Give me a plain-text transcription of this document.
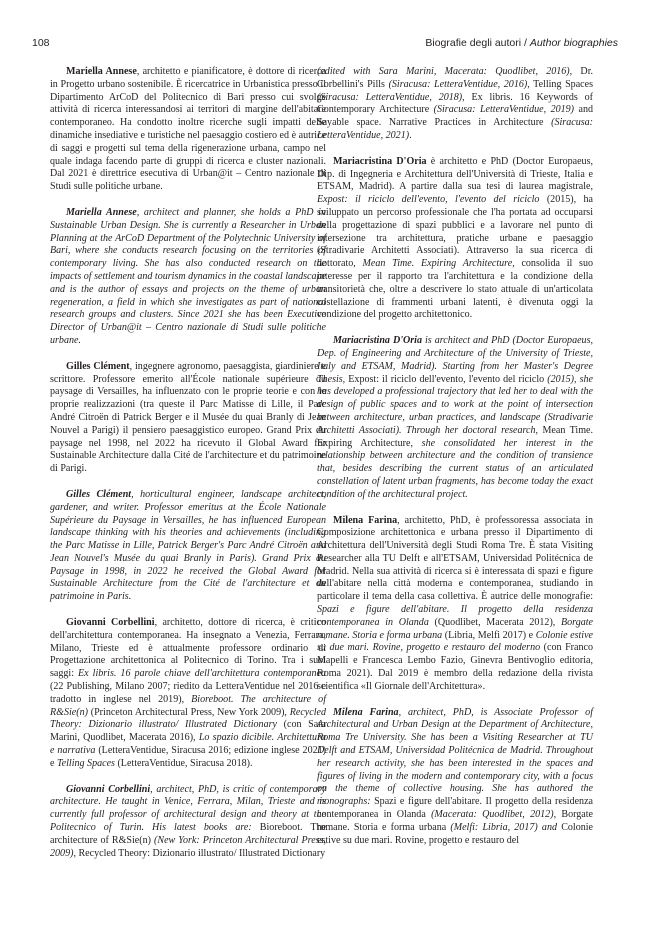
108	Biografie degli autori / Author biographies

Mariella Annese, architetto e pianificatore, è dottore di ricerca in Progetto urbano sostenibile. È ricercatrice in Urbanistica presso il Dipartimento ArCoD del Politecnico di Bari presso cui svolge attività di ricerca interessandosi ai territori di margine dell'abitare contemporaneo. Ha condotto inoltre ricerche sugli impatti delle dinamiche insediative e turistiche nel paesaggio costiero ed è autrice di saggi e progetti sul tema della rigenerazione urbana, campo nel quale indaga facendo parte di gruppi di ricerca e cluster nazionali. Dal 2021 è direttrice esecutiva di Urban@it – Centro nazionale di Studi sulle politiche urbane.

Mariella Annese, architect and planner, she holds a PhD in Sustainable Urban Design. She is currently a Researcher in Urban Planning at the ArCoD Department of the Polytechnic University of Bari, where she conducts research focusing on the territories of contemporary living. She has also conducted research on the impacts of settlement and tourism dynamics in the coastal landscape and is the author of essays and projects on the theme of urban regeneration, a field in which she investigates as part of national research groups and clusters. Since 2021 she has been Executive Director of Urban@it – Centro nazionale di Studi sulle politiche urbane.

Gilles Clément, ingegnere agronomo, paesaggista, giardiniere e scrittore. Professore emerito all'École nationale supérieure du paysage di Versailles, ha influenzato con le proprie teorie e con le proprie realizzazioni (tra queste il Parc Matisse di Lille, il Parc André Citroën di Patrick Berger e il Musée du quai Branly di Jean Nouvel a Parigi) il pensiero paesaggistico europeo. Grand Prix du paysage nel 1998, nel 2022 ha ricevuto il Global Award for Sustainable Architecture dalla Cité de l'architecture et du patrimoine di Parigi.

Gilles Clément, horticultural engineer, landscape architect, gardener, and writer. Professor emeritus at the École Nationale Supérieure du Paysage in Versailles, he has influenced European landscape thinking with his theories and achievements (including the Parc Matisse in Lille, Patrick Berger's Parc André Citroën and Jean Nouvel's Musée du quai Branly in Paris). Grand Prix du Paysage in 1998, in 2022 he received the Global Award for Sustainable Architecture from the Cité de l'architecture et du patrimoine in Paris.

Giovanni Corbellini, architetto, dottore di ricerca, è critico dell'architettura contemporanea. Ha insegnato a Venezia, Ferrara, Milano, Trieste ed è attualmente professore ordinario di Progettazione architettonica al Politecnico di Torino. Tra i suoi saggi: Ex libris. 16 parole chiave dell'architettura contemporanea (22 Publishing, Milano 2007; riedito da LetteraVentidue nel 2016 e tradotto in inglese nel 2019), Bioreboot. The architecture of R&Sie(n) (Princeton Architectural Press, New York 2009), Recycled Theory: Dizionario illustrato/ Illustrated Dictionary (con Sara Marini, Quodlibet, Macerata 2016), Lo spazio dicibile. Architettura e narrativa (LetteraVentidue, Siracusa 2016; edizione inglese 2021) e Telling Spaces (LetteraVentidue, Siracusa 2018).

Giovanni Corbellini, architect, PhD, is critic of contemporary architecture. He taught in Venice, Ferrara, Milan, Trieste and is currently full professor of architectural design and theory at the Politecnico of Turin. His latest books are: Bioreboot. The architecture of R&Sie(n) (New York: Princeton Architectural Press, 2009), Recycled Theory: Dizionario illustrato/ Illustrated Dictionary

(edited with Sara Marini, Macerata: Quodlibet, 2016), Dr. Corbellini's Pills (Siracusa: LetteraVentidue, 2016), Telling Spaces (Siracusa: LetteraVentidue, 2018), Ex libris. 16 Keywords of Contemporary Architecture (Siracusa: LetteraVentidue, 2019) and Sayable space. Narrative Practices in Architecture (Siracusa: LetteraVentidue, 2021).

Mariacristina D'Oria è architetto e PhD (Doctor Europaeus, Dip. di Ingegneria e Architettura dell'Università di Trieste, Italia e ETSAM, Madrid). A partire dalla sua tesi di laurea magistrale, Expost: il riciclo dell'evento, l'evento del riciclo (2015), ha sviluppato un percorso professionale che l'ha portata ad occuparsi della progettazione di spazi pubblici e a lavorare nel punto di intersezione tra architettura, pratiche urbane e paesaggio (Stradivarie Architetti Associati). Attraverso la sua ricerca di dottorato, Mean Time. Expiring Architecture, consolida il suo interesse per il rapporto tra l'architettura e la condizione della transitorietà che, oltre a descrivere lo stato attuale di un'articolata costellazione di frammenti urbani latenti, è divenuta oggi la condizione del progetto architettonico.

Mariacristina D'Oria is architect and PhD (Doctor Europaeus, Dep. of Engineering and Architecture of the University of Trieste, Italy and ETSAM, Madrid). Starting from her Master's Degree Thesis, Expost: il riciclo dell'evento, l'evento del riciclo (2015), she has developed a professional trajectory that led her to deal with the design of public spaces and to work at the point of intersection between architecture, urban practices, and landscape (Stradivarie Architetti Associati). Through her doctoral research, Mean Time. Expiring Architecture, she consolidated her interest in the relationship between architecture and the condition of transience that, besides describing the current status of an articulated constellation of latent urban fragments, has become today the exact condition of the architectural project.

Milena Farina, architetto, PhD, è professoressa associata in Composizione architettonica e urbana presso il Dipartimento di Architettura dell'Università degli Studi Roma Tre. È stata Visiting Researcher alla TU Delft e all'ETSAM, Universidad Politécnica de Madrid. Nella sua attività di ricerca si è interessata di spazi e figure dell'abitare nella città moderna e contemporanea, studiando in particolare il tema della casa collettiva. È autrice delle monografie: Spazi e figure dell'abitare. Il progetto della residenza contemporanea in Olanda (Quodlibet, Macerata 2012), Borgate romane. Storia e forma urbana (Libria, Melfi 2017) e Colonie estive su due mari. Rovine, progetto e restauro del moderno (con Franco Mapelli e Francesca Lembo Fazio, Ginevra Bentivoglio editoria, Roma 2021). Dal 2019 è membro della redazione della rivista scientifica «Il Giornale dell'Architettura».

Milena Farina, architect, PhD, is Associate Professor of Architectural and Urban Design at the Department of Architecture, Roma Tre University. She has been a Visiting Researcher at TU Delft and ETSAM, Universidad Politécnica de Madrid. Throughout her research activity, she has been interested in the spaces and figures of living in the modern and contemporary city, with a focus on the theme of collective housing. She has authored the monographs: Spazi e figure dell'abitare. Il progetto della residenza contemporanea in Olanda (Macerata: Quodlibet, 2012), Borgate romane. Storia e forma urbana (Melfi: Libria, 2017) and Colonie estive su due mari. Rovine, progetto e restauro del
